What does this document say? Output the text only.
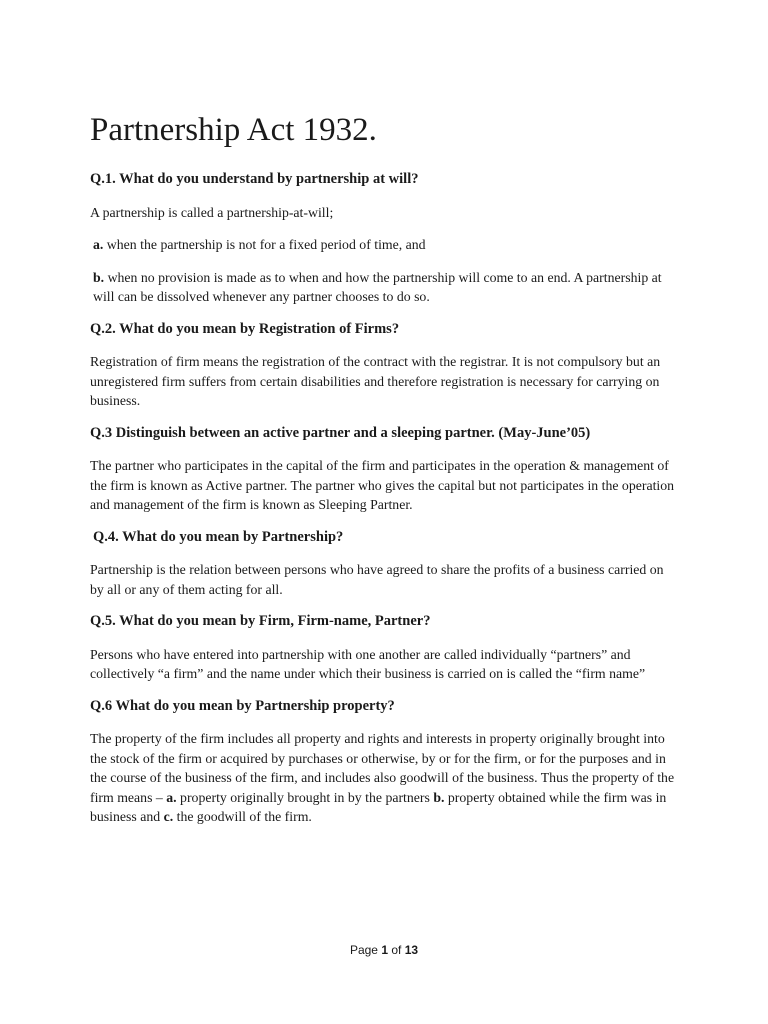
Partnership Act 1932.
Q.1. What do you understand by partnership at will?
A partnership is called a partnership-at-will;
a. when the partnership is not for a fixed period of time, and
b. when no provision is made as to when and how the partnership will come to an end. A partnership at will can be dissolved whenever any partner chooses to do so.
Q.2. What do you mean by Registration of Firms?
Registration of firm means the registration of the contract with the registrar. It is not compulsory but an unregistered firm suffers from certain disabilities and therefore registration is necessary for carrying on business.
Q.3 Distinguish between an active partner and a sleeping partner. (May-June’05)
The partner who participates in the capital of the firm and participates in the operation & management of the firm is known as Active partner. The partner who gives the capital but not participates in the operation and management of the firm is known as Sleeping Partner.
Q.4. What do you mean by Partnership?
Partnership is the relation between persons who have agreed to share the profits of a business carried on by all or any of them acting for all.
Q.5. What do you mean by Firm, Firm-name, Partner?
Persons who have entered into partnership with one another are called individually “partners” and collectively “a firm” and the name under which their business is carried on is called the “firm name”
Q.6 What do you mean by Partnership property?
The property of the firm includes all property and rights and interests in property originally brought into the stock of the firm or acquired by purchases or otherwise, by or for the firm, or for the purposes and in the course of the business of the firm, and includes also goodwill of the business. Thus the property of the firm means – a. property originally brought in by the partners b. property obtained while the firm was in business and c. the goodwill of the firm.
Page 1 of 13
